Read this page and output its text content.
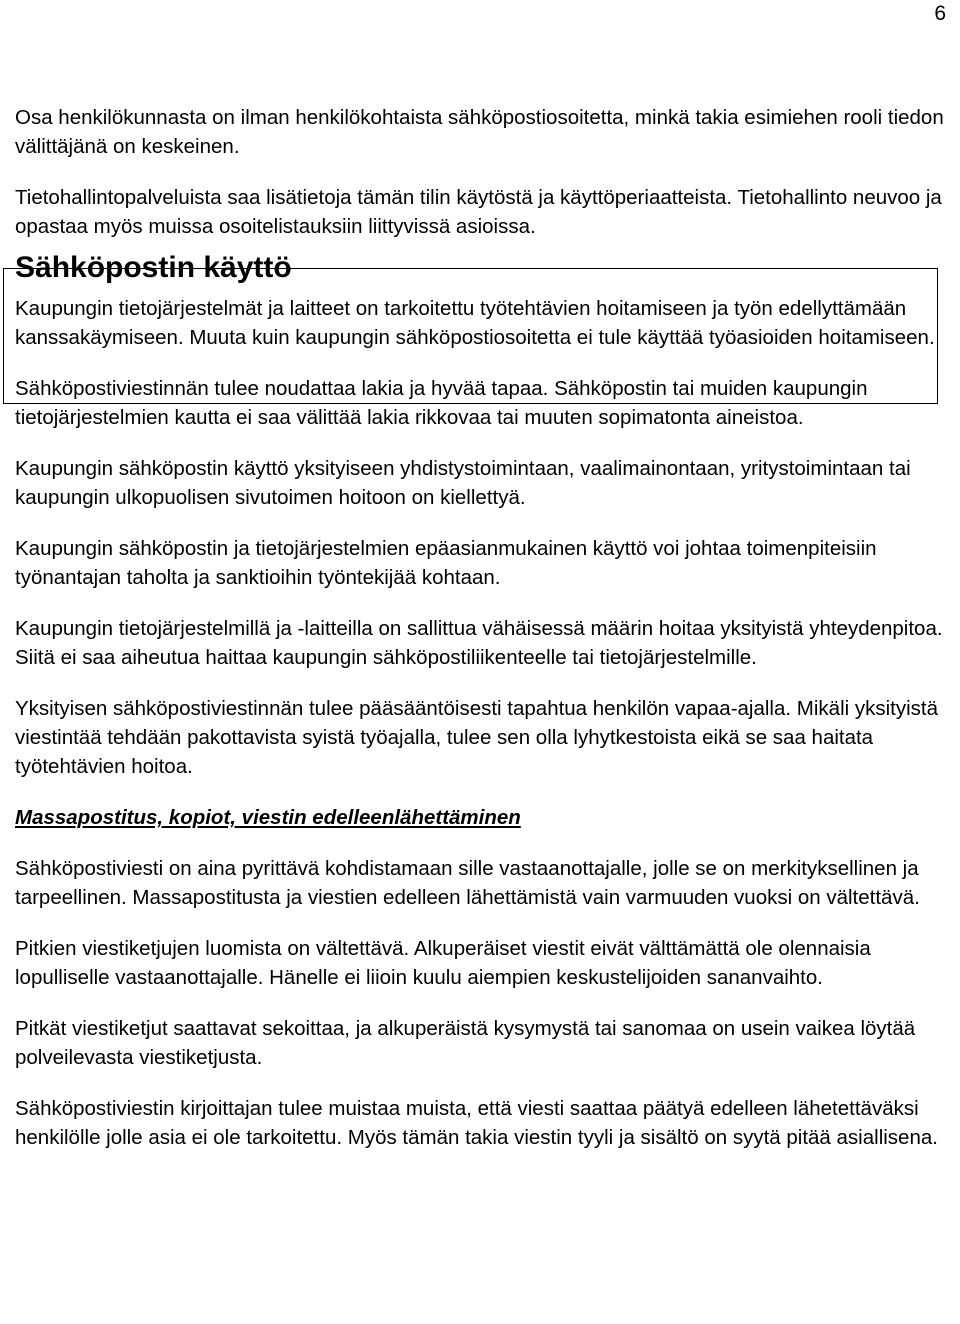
6

Osa henkilökunnasta on ilman henkilökohtaista sähköpostiosoitetta, minkä takia esimiehen rooli tiedon välittäjänä on keskeinen.

Tietohallintopalveluista saa lisätietoja tämän tilin käytöstä ja käyttöperiaatteista. Tietohallinto neuvoo ja opastaa myös muissa osoitelistauksiin liittyvissä asioissa.

Sähköpostin käyttö

Kaupungin tietojärjestelmät ja laitteet on tarkoitettu työtehtävien hoitamiseen ja työn edellyttämään kanssakäymiseen. Muuta kuin kaupungin sähköpostiosoitetta ei tule käyttää työasioiden hoitamiseen.

Sähköpostiviestinnän tulee noudattaa lakia ja hyvää tapaa. Sähköpostin tai muiden kaupungin tietojärjestelmien kautta ei saa välittää lakia rikkovaa tai muuten sopimatonta aineistoa.

Kaupungin sähköpostin käyttö yksityiseen yhdistystoimintaan, vaalimainontaan, yritystoimintaan tai kaupungin ulkopuolisen sivutoimen hoitoon on kiellettyä.

Kaupungin sähköpostin ja tietojärjestelmien epäasianmukainen käyttö voi johtaa toimenpiteisiin työnantajan taholta ja sanktioihin työntekijää kohtaan.

Kaupungin tietojärjestelmillä ja -laitteilla on sallittua vähäisessä määrin hoitaa yksityistä yhteydenpitoa. Siitä ei saa aiheutua haittaa kaupungin sähköpostiliikenteelle tai tietojärjestelmille.

Yksityisen sähköpostiviestinnän tulee pääsääntöisesti tapahtua henkilön vapaa-ajalla. Mikäli yksityistä viestintää tehdään pakottavista syistä työajalla, tulee sen olla lyhytkestoista eikä se saa haitata työtehtävien hoitoa.

Massapostitus, kopiot, viestin edelleenlähettäminen

Sähköpostiviesti on aina pyrittävä kohdistamaan sille vastaanottajalle, jolle se on merkityksellinen ja tarpeellinen. Massapostitusta ja viestien edelleen lähettämistä vain varmuuden vuoksi on vältettävä.

Pitkien viestiketjujen luomista on vältettävä. Alkuperäiset viestit eivät välttämättä ole olennaisia lopulliselle vastaanottajalle. Hänelle ei liioin kuulu aiempien keskustelijoiden sananvaihto.

Pitkät viestiketjut saattavat sekoittaa, ja alkuperäistä kysymystä tai sanomaa on usein vaikea löytää polveilevasta viestiketjusta.

Sähköpostiviestin kirjoittajan tulee muistaa muista, että viesti saattaa päätyä edelleen lähetettäväksi henkilölle jolle asia ei ole tarkoitettu. Myös tämän takia viestin tyyli ja sisältö on syytä pitää asiallisena.
